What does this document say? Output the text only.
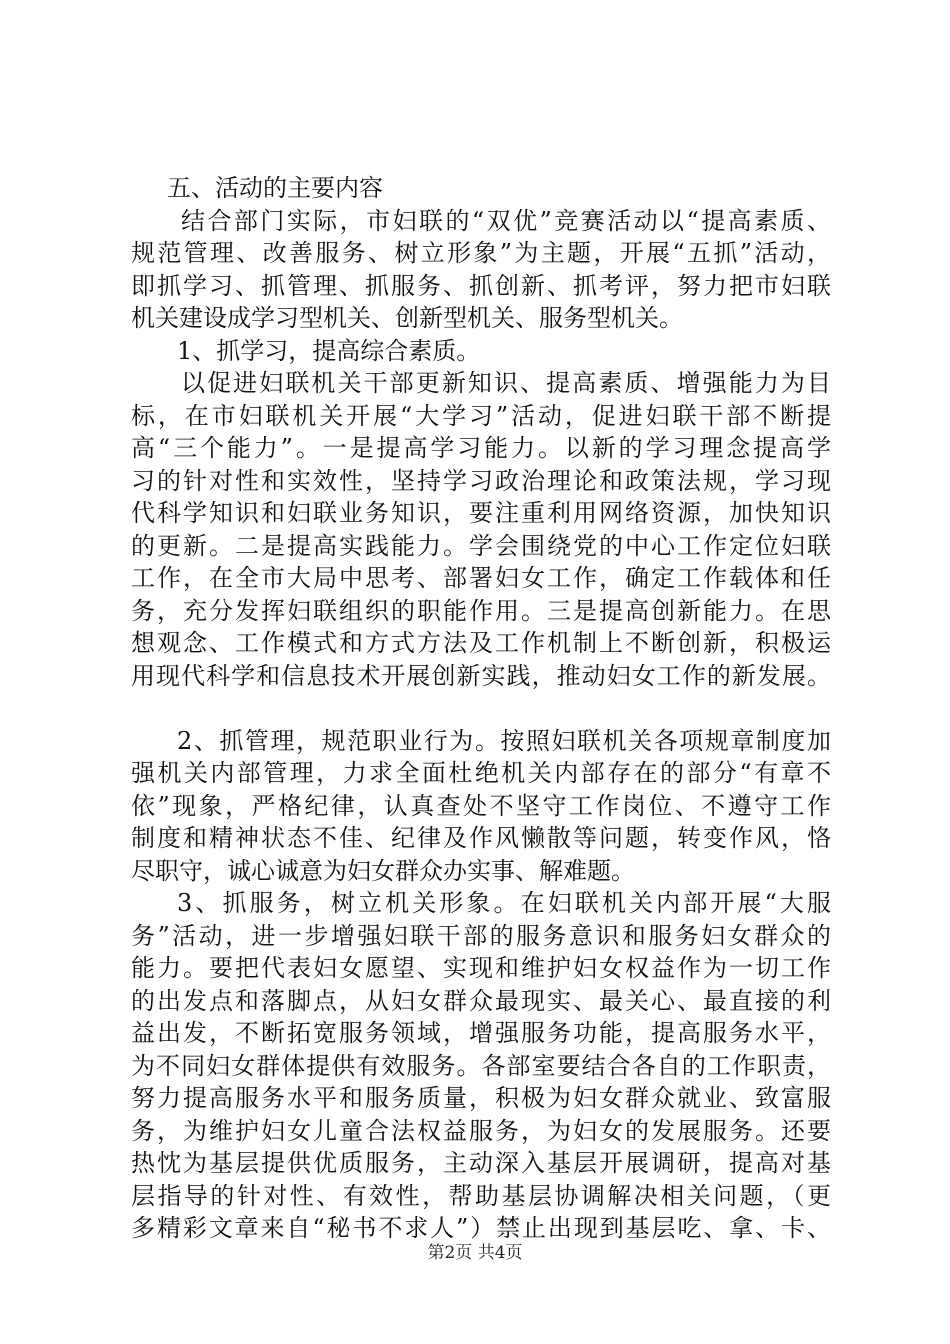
五、活动的主要内容
结合部门实际，市妇联的“双优”竞赛活动以“提高素质、
规范管理、改善服务、树立形象”为主题，开展“五抓”活动，
即抓学习、抓管理、抓服务、抓创新、抓考评，努力把市妇联
机关建设成学习型机关、创新型机关、服务型机关。
1、抓学习，提高综合素质。
以促进妇联机关干部更新知识、提高素质、增强能力为目
标，在市妇联机关开展“大学习”活动，促进妇联干部不断提
高“三个能力”。一是提高学习能力。以新的学习理念提高学
习的针对性和实效性，坚持学习政治理论和政策法规，学习现
代科学知识和妇联业务知识，要注重利用网络资源，加快知识
的更新。二是提高实践能力。学会围绕党的中心工作定位妇联
工作，在全市大局中思考、部署妇女工作，确定工作载体和任
务，充分发挥妇联组织的职能作用。三是提高创新能力。在思
想观念、工作模式和方式方法及工作机制上不断创新，积极运
用现代科学和信息技术开展创新实践，推动妇女工作的新发展。
2、抓管理，规范职业行为。按照妇联机关各项规章制度加
强机关内部管理，力求全面杜绝机关内部存在的部分“有章不
依”现象，严格纪律，认真查处不坚守工作岗位、不遵守工作
制度和精神状态不佳、纪律及作风懒散等问题，转变作风，恪
尽职守，诚心诚意为妇女群众办实事、解难题。
3、抓服务，树立机关形象。在妇联机关内部开展“大服
务”活动，进一步增强妇联干部的服务意识和服务妇女群众的
能力。要把代表妇女愿望、实现和维护妇女权益作为一切工作
的出发点和落脚点，从妇女群众最现实、最关心、最直接的利
益出发，不断拓宽服务领域，增强服务功能，提高服务水平，
为不同妇女群体提供有效服务。各部室要结合各自的工作职责，
努力提高服务水平和服务质量，积极为妇女群众就业、致富服
务，为维护妇女儿童合法权益服务，为妇女的发展服务。还要
热忱为基层提供优质服务，主动深入基层开展调研，提高对基
层指导的针对性、有效性，帮助基层协调解决相关问题，（更
多精彩文章来自“秘书不求人”）禁止出现到基层吃、拿、卡、
第2页 共4页
